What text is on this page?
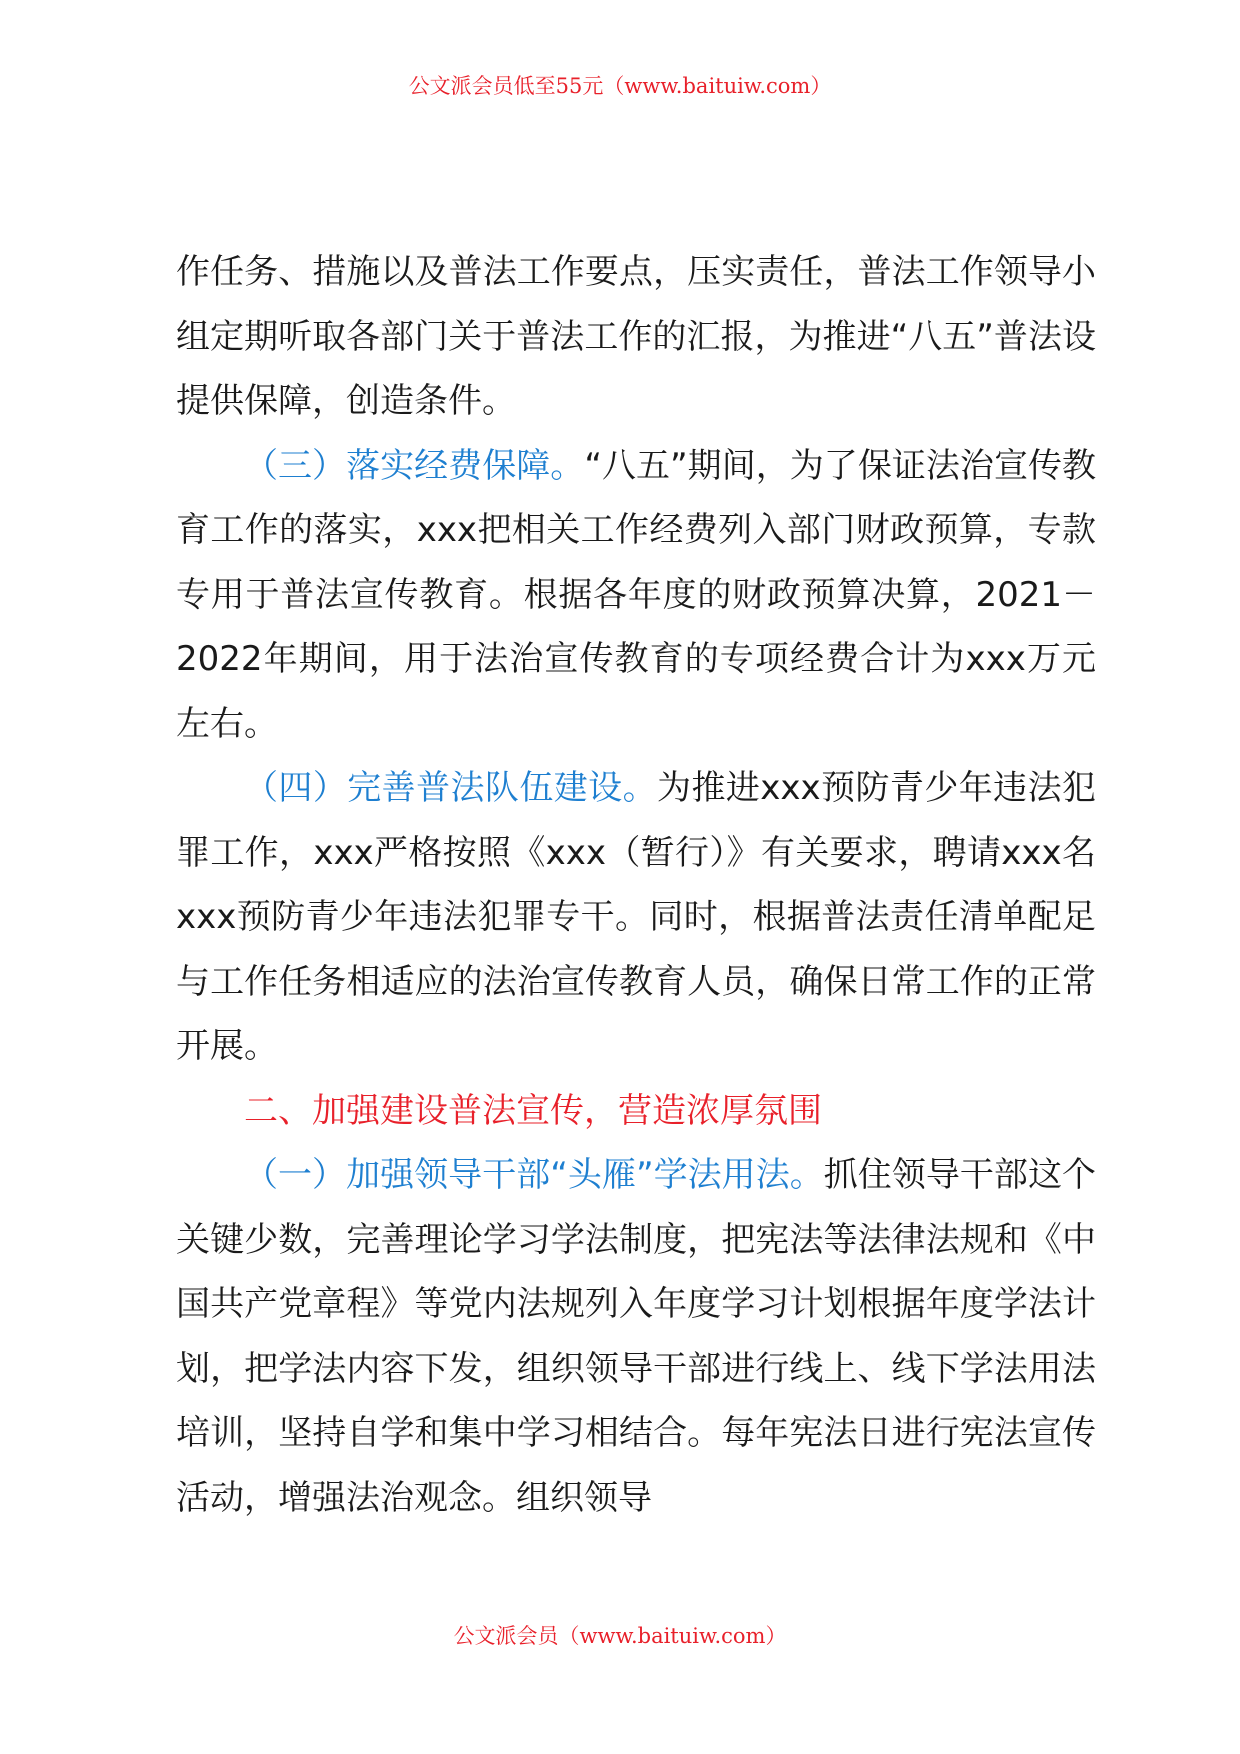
公文派会员低至55元（www.baituiw.com）

作任务、措施以及普法工作要点，压实责任，普法工作领导小组定期听取各部门关于普法工作的汇报，为推进“八五”普法设提供保障，创造条件。

（三）落实经费保障。“八五”期间，为了保证法治宣传教育工作的落实，xxx把相关工作经费列入部门财政预算，专款专用于普法宣传教育。根据各年度的财政预算决算，2021－2022年期间，用于法治宣传教育的专项经费合计为xxx万元左右。

（四）完善普法队伍建设。为推进xxx预防青少年违法犯罪工作，xxx严格按照《xxx（暂行）》有关要求，聘请xxx名xxx预防青少年违法犯罪专干。同时，根据普法责任清单配足与工作任务相适应的法治宣传教育人员，确保日常工作的正常开展。

二、加强建设普法宣传，营造浓厚氛围

（一）加强领导干部“头雁”学法用法。抓住领导干部这个关键少数，完善理论学习学法制度，把宪法等法律法规和《中国共产党章程》等党内法规列入年度学习计划根据年度学法计划，把学法内容下发，组织领导干部进行线上、线下学法用法培训，坚持自学和集中学习相结合。每年宪法日进行宪法宣传活动，增强法治观念。组织领导

公文派会员（www.baituiw.com）
